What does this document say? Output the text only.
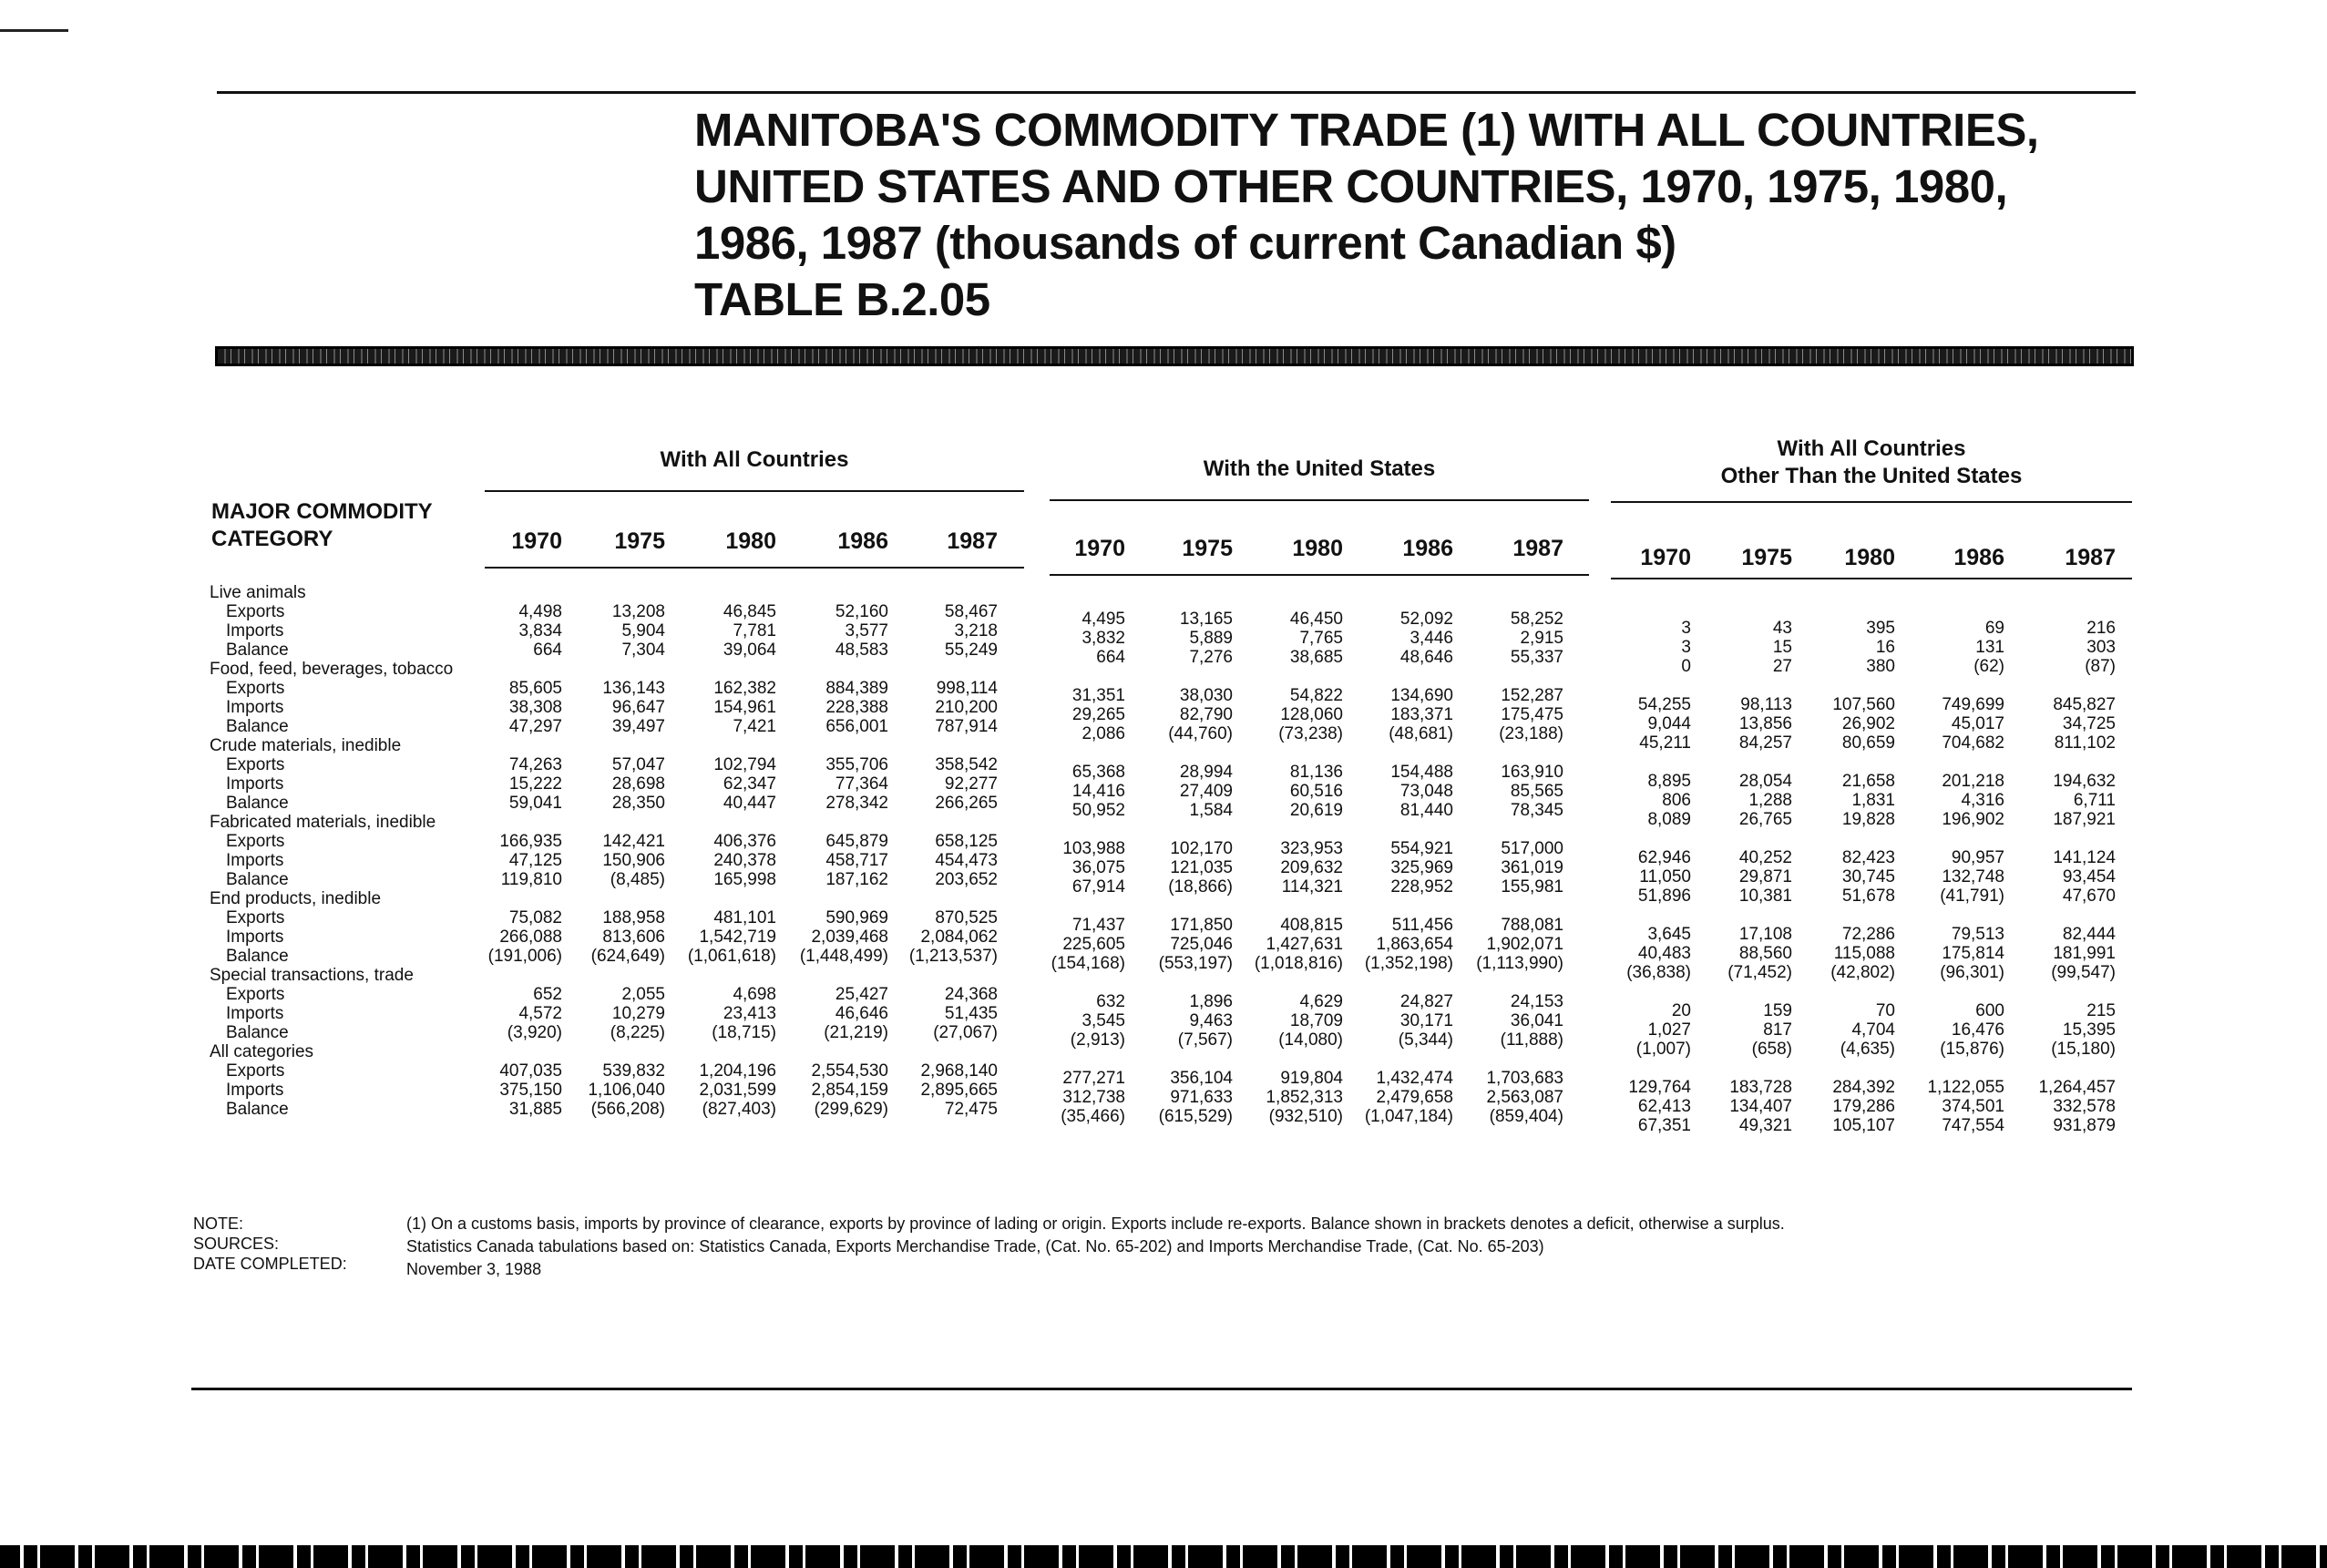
MANITOBA'S COMMODITY TRADE (1) WITH ALL COUNTRIES,
UNITED STATES AND OTHER COUNTRIES, 1970, 1975, 1980,
1986, 1987 (thousands of current Canadian $)
TABLE B.2.05
With All Countries	With the United States
With All Countries
Other Than the United States
MAJOR COMMODITY
CATEGORY	1970	1975	1980	1986	1987	1970	1975	1980	1986	1987	1970	1975	1980	1986	1987
Live animals
Exports	4,498	13,208	46,845	52,160	58,467	4,495	13,165	46,450	52,092	58,252	3	43	395	69	216
Imports	3,834	5,904	7,781	3,577	3,218	3,832	5,889	7,765	3,446	2,915	3	15	16	131	303
Balance	664	7,304	39,064	48,583	55,249	664	7,276	38,685	48,646	55,337	0	27	380	(62)	(87)
Food, feed, beverages, tobacco
Exports	85,605	136,143	162,382	884,389	998,114	31,351	38,030	54,822	134,690	152,287	54,255	98,113	107,560	749,699	845,827
Imports	38,308	96,647	154,961	228,388	210,200	29,265	82,790	128,060	183,371	175,475	9,044	13,856	26,902	45,017	34,725
Balance	47,297	39,497	7,421	656,001	787,914	2,086	(44,760)	(73,238)	(48,681)	(23,188)	45,211	84,257	80,659	704,682	811,102
Crude materials, inedible
Exports	74,263	57,047	102,794	355,706	358,542	65,368	28,994	81,136	154,488	163,910	8,895	28,054	21,658	201,218	194,632
Imports	15,222	28,698	62,347	77,364	92,277	14,416	27,409	60,516	73,048	85,565	806	1,288	1,831	4,316	6,711
Balance	59,041	28,350	40,447	278,342	266,265	50,952	1,584	20,619	81,440	78,345	8,089	26,765	19,828	196,902	187,921
Fabricated materials, inedible
Exports	166,935	142,421	406,376	645,879	658,125	103,988	102,170	323,953	554,921	517,000	62,946	40,252	82,423	90,957	141,124
Imports	47,125	150,906	240,378	458,717	454,473	36,075	121,035	209,632	325,969	361,019	11,050	29,871	30,745	132,748	93,454
Balance	119,810	(8,485)	165,998	187,162	203,652	67,914	(18,866)	114,321	228,952	155,981	51,896	10,381	51,678	(41,791)	47,670
End products, inedible
Exports	75,082	188,958	481,101	590,969	870,525	71,437	171,850	408,815	511,456	788,081	3,645	17,108	72,286	79,513	82,444
Imports	266,088	813,606	1,542,719	2,039,468	2,084,062	225,605	725,046	1,427,631	1,863,654	1,902,071	40,483	88,560	115,088	175,814	181,991
Balance	(191,006)	(624,649)	(1,061,618)	(1,448,499)	(1,213,537)	(154,168)	(553,197)	(1,018,816)	(1,352,198)	(1,113,990)	(36,838)	(71,452)	(42,802)	(96,301)	(99,547)
Special transactions, trade
Exports	652	2,055	4,698	25,427	24,368	632	1,896	4,629	24,827	24,153	20	159	70	600	215
Imports	4,572	10,279	23,413	46,646	51,435	3,545	9,463	18,709	30,171	36,041	1,027	817	4,704	16,476	15,395
Balance	(3,920)	(8,225)	(18,715)	(21,219)	(27,067)	(2,913)	(7,567)	(14,080)	(5,344)	(11,888)	(1,007)	(658)	(4,635)	(15,876)	(15,180)
All categories
Exports	407,035	539,832	1,204,196	2,554,530	2,968,140	277,271	356,104	919,804	1,432,474	1,703,683	129,764	183,728	284,392	1,122,055	1,264,457
Imports	375,150	1,106,040	2,031,599	2,854,159	2,895,665	312,738	971,633	1,852,313	2,479,658	2,563,087	62,413	134,407	179,286	374,501	332,578
Balance	31,885	(566,208)	(827,403)	(299,629)	72,475	(35,466)	(615,529)	(932,510)	(1,047,184)	(859,404)	67,351	49,321	105,107	747,554	931,879
NOTE:	(1) On a customs basis, imports by province of clearance, exports by province of lading or origin. Exports include re-exports. Balance shown in brackets denotes a deficit, otherwise a surplus.
SOURCES:	Statistics Canada tabulations based on: Statistics Canada, Exports Merchandise Trade, (Cat. No. 65-202) and Imports Merchandise Trade, (Cat. No. 65-203)
DATE COMPLETED:	November 3, 1988
